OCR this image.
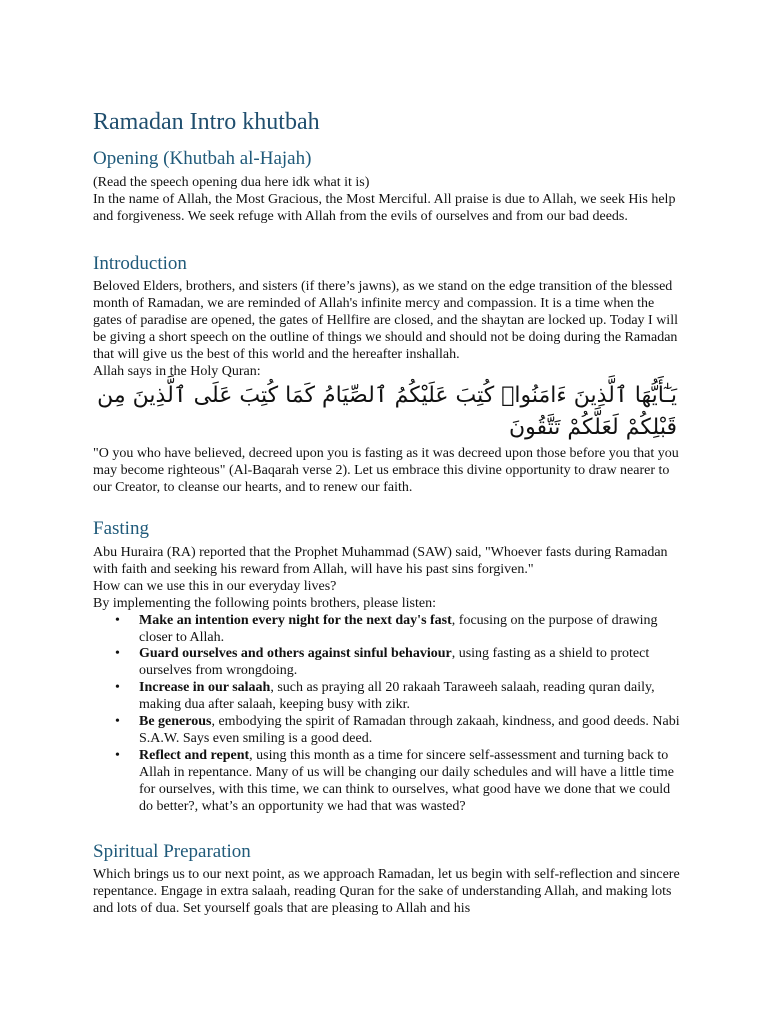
Ramadan Intro khutbah
Opening (Khutbah al-Hajah)

(Read the speech opening dua here idk what it is)

In the name of Allah, the Most Gracious, the Most Merciful. All praise is due to Allah, we seek His help and forgiveness. We seek refuge with Allah from the evils of ourselves and from our bad deeds.

Introduction

Beloved Elders, brothers, and sisters (if there’s jawns), as we stand on the edge transition of the blessed month of Ramadan, we are reminded of Allah's infinite mercy and compassion. It is a time when the gates of paradise are opened, the gates of Hellfire are closed, and the shaytan are locked up. Today I will be giving a short speech on the outline of things we should and should not be doing during the Ramadan that will give us the best of this world and the hereafter inshallah.

Allah says in the Holy Quran:

يَـٰٓأَيُّهَا ٱلَّذِينَ ءَامَنُوا۟ كُتِبَ عَلَيْكُمُ ٱلصِّيَامُ كَمَا كُتِبَ عَلَى ٱلَّذِينَ مِن قَبْلِكُمْ لَعَلَّكُمْ تَتَّقُونَ

"O you who have believed, decreed upon you is fasting as it was decreed upon those before you that you may become righteous" (Al-Baqarah verse 2). Let us embrace this divine opportunity to draw nearer to our Creator, to cleanse our hearts, and to renew our faith.

Fasting

Abu Huraira (RA) reported that the Prophet Muhammad (SAW) said, "Whoever fasts during Ramadan with faith and seeking his reward from Allah, will have his past sins forgiven."

How can we use this in our everyday lives?

By implementing the following points brothers, please listen:

• Make an intention every night for the next day's fast, focusing on the purpose of drawing closer to Allah.
• Guard ourselves and others against sinful behaviour, using fasting as a shield to protect ourselves from wrongdoing.
• Increase in our salaah, such as praying all 20 rakaah Taraweeh salaah, reading quran daily, making dua after salaah, keeping busy with zikr.
• Be generous, embodying the spirit of Ramadan through zakaah, kindness, and good deeds. Nabi S.A.W. Says even smiling is a good deed.
• Reflect and repent, using this month as a time for sincere self-assessment and turning back to Allah in repentance. Many of us will be changing our daily schedules and will have a little time for ourselves, with this time, we can think to ourselves, what good have we done that we could do better?, what’s an opportunity we had that was wasted?
Spiritual Preparation

Which brings us to our next point, as we approach Ramadan, let us begin with self-reflection and sincere repentance. Engage in extra salaah, reading Quran for the sake of understanding Allah, and making lots and lots of dua. Set yourself goals that are pleasing to Allah and his
